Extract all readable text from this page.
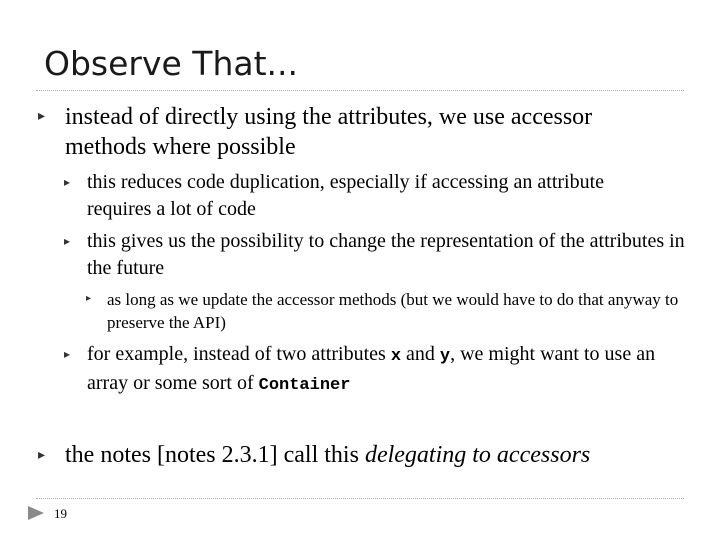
Observe That...
▸ instead of directly using the attributes, we use accessor methods where possible
▸ this reduces code duplication, especially if accessing an attribute requires a lot of code
▸ this gives us the possibility to change the representation of the attributes in the future
▸ as long as we update the accessor methods (but we would have to do that anyway to preserve the API)
▸ for example, instead of two attributes x and y, we might want to use an array or some sort of Container
▸ the notes [notes 2.3.1] call this delegating to accessors
19
